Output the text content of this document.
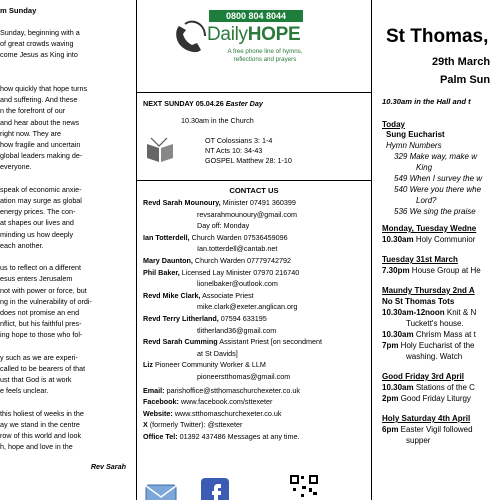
m Sunday
Sunday, beginning with a
of great crowds waving
come Jesus as King into
how quickly that hope turns
and suffering. And these
n the forefront of our
and hear about the news
right now. They are
how fragile and uncertain
global leaders making de-
everyone.
speak of economic anxie-
ation may surge as global
energy prices. The con-
at shapes our lives and
minding us how deeply
each another.
us to reflect on a different
esus enters Jerusalem
not with power or force, but
ng in the vulnerability of ordi-
does not promise an end
nflict, but his faithful pres-
ing hope to those who fol-
y such as we are experi-
called to be bearers of that
ust that God is at work
e feels unclear.
this holiest of weeks in the
ay we stand in the centre
row of this world and look
h, hope and love in the
Rev Sarah
0800 804 8044
DailyHOPE
A free phone line of hymns, reflections and prayers
NEXT SUNDAY 05.04.26 Easter Day
10.30am in the Church
OT Colossians 3: 1-4
NT Acts 10: 34-43
GOSPEL Matthew 28: 1-10
CONTACT US
Revd Sarah Mounoury, Minister 07491 360399
revsarahmounoury@gmail.com
Day off: Monday
Ian Totterdell, Church Warden 07536459096
Ian.totterdell@cantab.net
Mary Daunton, Church Warden 07779742792
Phil Baker, Licensed Lay Minister 07970 216740
lionelbaker@outlook.com
Revd Mike Clark, Associate Priest
mike.clark@exeter.anglican.org
Revd Terry Litherland, 07594 633195
tlitherland36@gmail.com
Revd Sarah Cumming Assistant Priest [on secondment
at St Davids]
Liz Pioneer Community Worker & LLM
pioneerstthomas@gmail.com
Email: parishoffice@stthomaschurchexeter.co.uk
Facebook: www.facebook.com/sttexeter
Website: www.stthomaschurchexeter.co.uk
X (formerly Twitter): @sttexeter
Office Tel: 01392 437486 Messages at any time.
St Thomas,
29th March
Palm Sun
10.30am in the Hall and t
Today
Sung Eucharist
Hymn Numbers
329 Make way, make w
King
549 When I survey the w
540 Were you there whe
Lord?
536 We sing the praise
Monday, Tuesday Wedne
10.30am Holy Communior
Tuesday 31st March
7.30pm House Group at He
Maundy Thursday 2nd A
No St Thomas Tots
10.30am-12noon Knit & N
Tuckett's house.
10.30am Chrism Mass at t
7pm Holy Eucharist of the
washing. Watch
Good Friday 3rd April
10.30am Stations of the C
2pm Good Friday Liturgy
Holy Saturday 4th April
6pm Easter Vigil followed
supper
